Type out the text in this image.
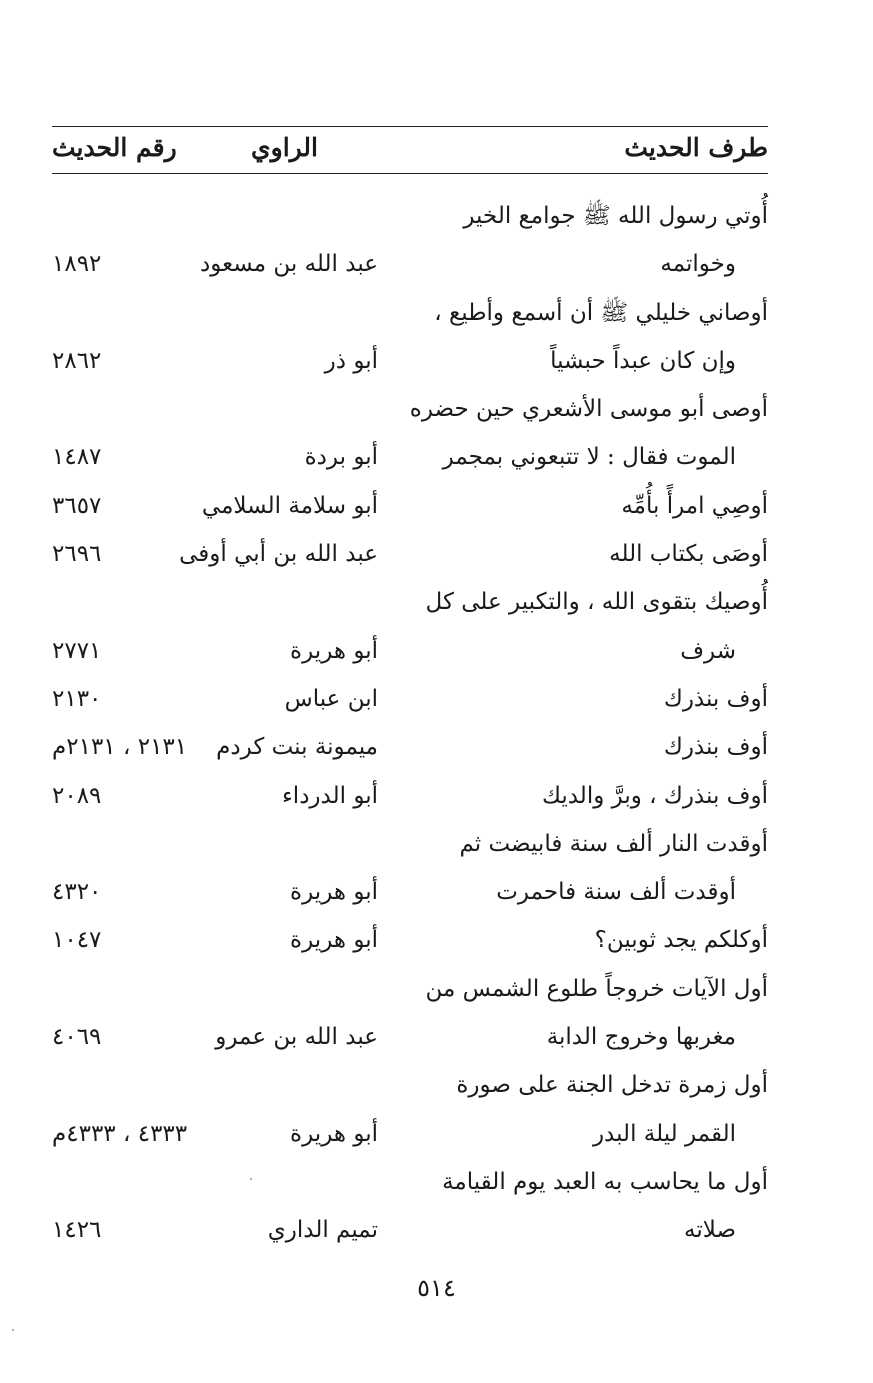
طرف الحديث
الراوي
رقم الحديث
أُوتي رسول الله ﷺ جوامع الخير
وخواتمه
عبد الله بن مسعود
١٨٩٢
أوصاني خليلي ﷺ أن أسمع وأطيع ،
وإن كان عبداً حبشياً
أبو ذر
٢٨٦٢
أوصى أبو موسى الأشعري حين حضره
الموت فقال : لا تتبعوني بمجمر
أبو بردة
١٤٨٧
أوصِي امرأً بأُمِّه
أبو سلامة السلامي
٣٦٥٧
أوصَى بكتاب الله
عبد الله بن أبي أوفى
٢٦٩٦
أُوصيك بتقوى الله ، والتكبير على كل
شرف
أبو هريرة
٢٧٧١
أوف بنذرك
ابن عباس
٢١٣٠
أوف بنذرك
ميمونة بنت كردم
٢١٣١ ، ٢١٣١م
أوف بنذرك ، وبرَّ والديك
أبو الدرداء
٢٠٨٩
أوقدت النار ألف سنة فابيضت ثم
أوقدت ألف سنة فاحمرت
أبو هريرة
٤٣٢٠
أوكلكم يجد ثوبين؟
أبو هريرة
١٠٤٧
أول الآيات خروجاً طلوع الشمس من
مغربها وخروج الدابة
عبد الله بن عمرو
٤٠٦٩
أول زمرة تدخل الجنة على صورة
القمر ليلة البدر
أبو هريرة
٤٣٣٣ ، ٤٣٣٣م
أول ما يحاسب به العبد يوم القيامة
صلاته
تميم الداري
١٤٢٦
٥١٤
